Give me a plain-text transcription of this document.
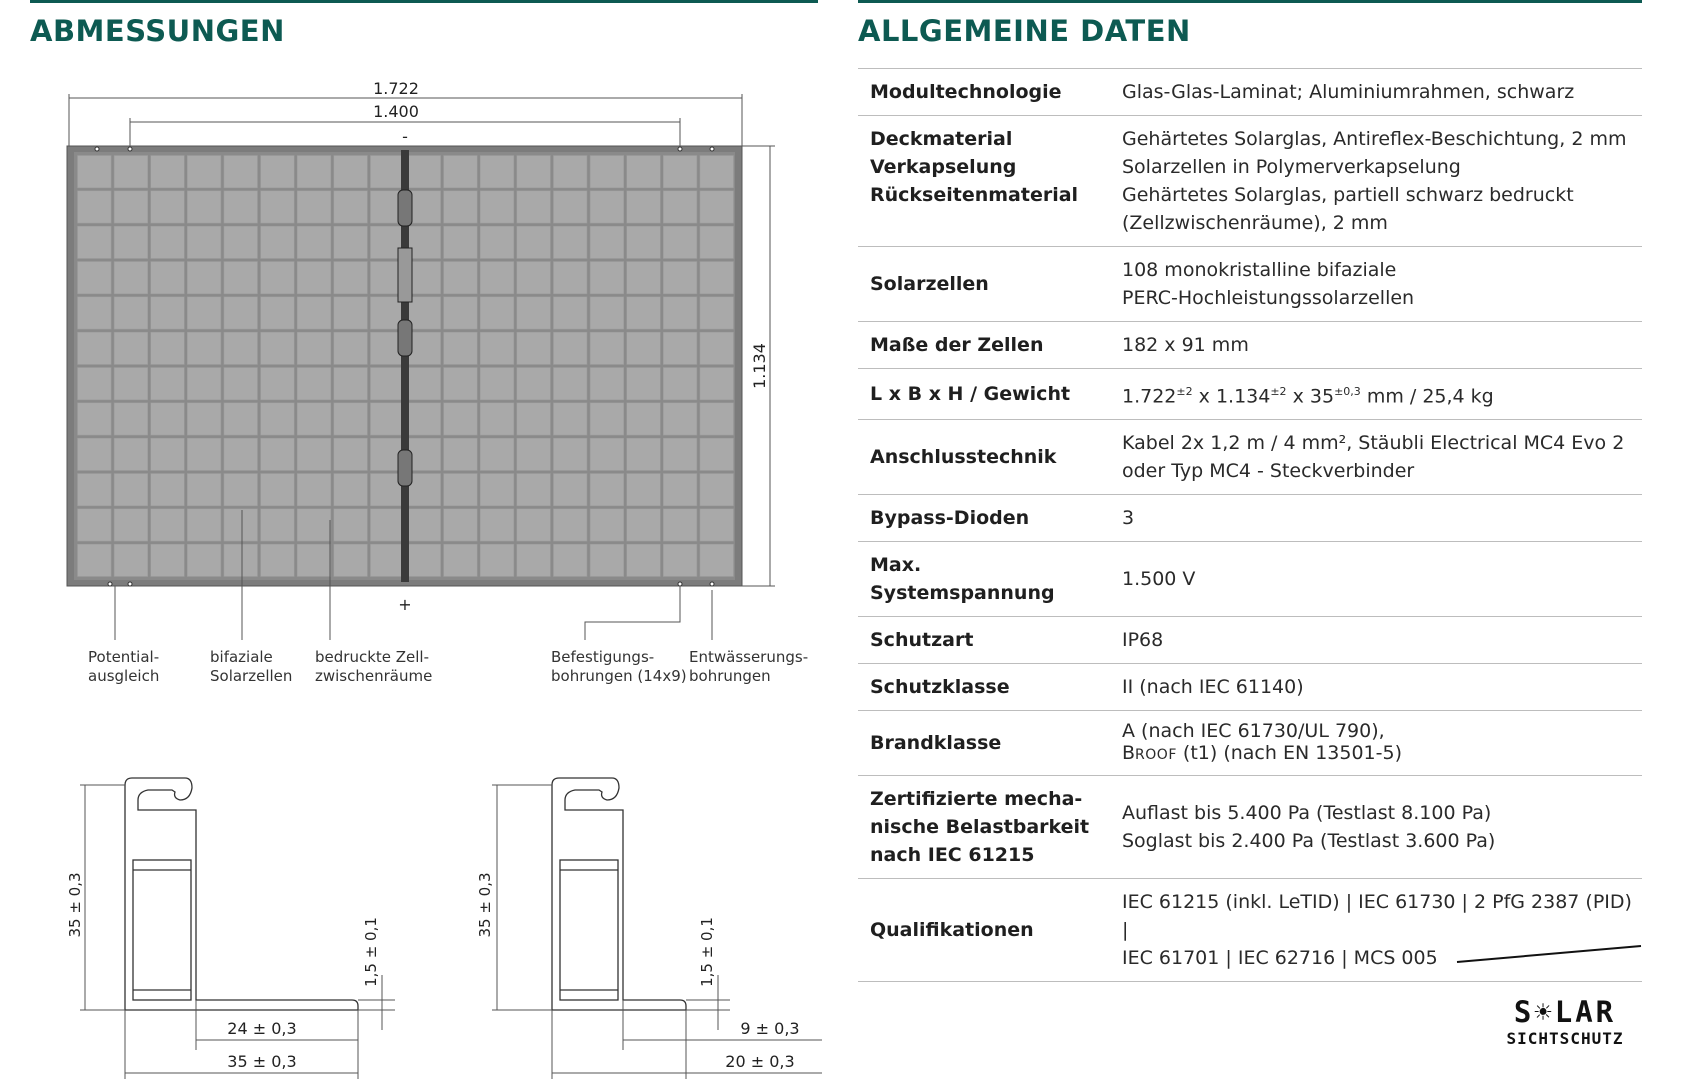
ABMESSUNGEN	ALLGEMEINE DATEN
1.722
1.400
1.134
-
+
Potential-
ausgleich
bifaziale
Solarzellen
bedruckte Zell-
zwischenräume
Befestigungs-
bohrungen (14x9)
Entwässerungs-
bohrungen
35 ± 0,3
1,5 ± 0,1
24 ± 0,3
35 ± 0,3
35 ± 0,3
1,5 ± 0,1
9 ± 0,3
20 ± 0,3
Modultechnologie	Glas-Glas-Laminat; Aluminiumrahmen, schwarz

Deckmaterial
Verkapselung
Rückseitenmaterial	Gehärtetes Solarglas, Antireflex-Beschichtung, 2 mm
Solarzellen in Polymerverkapselung
Gehärtetes Solarglas, partiell schwarz bedruckt
(Zellzwischenräume), 2 mm

Solarzellen	108 monokristalline bifaziale
PERC-Hochleistungssolarzellen

Maße der Zellen	182 x 91 mm
L x B x H / Gewicht	$1.722^{\pm 2}$ x $1.134^{\pm 2}$ x $35^{\pm 0,3}$ mm / 25,4 kg
Anschlusstechnik	Kabel 2x 1,2 m / 4 mm², Stäubli Electrical MC4 Evo 2
oder Typ MC4 - Steckverbinder

Bypass-Dioden	3
Max. Systemspannung	1.500 V
Schutzart	IP68
Schutzklasse	II (nach IEC 61140)
Brandklasse	A (nach IEC 61730/UL 790),
BROOF (t1) (nach EN 13501-5)

Zertifizierte mecha-
nische Belastbarkeit
nach IEC 61215	Auflast bis 5.400 Pa (Testlast 8.100 Pa)
Soglast bis 2.400 Pa (Testlast 3.600 Pa)

Qualifikationen	IEC 61215 (inkl. LeTID) | IEC 61730 | 2 PfG 2387 (PID) |
IEC 61701 | IEC 62716 | MCS 005
S☀LAR
SICHTSCHUTZ
